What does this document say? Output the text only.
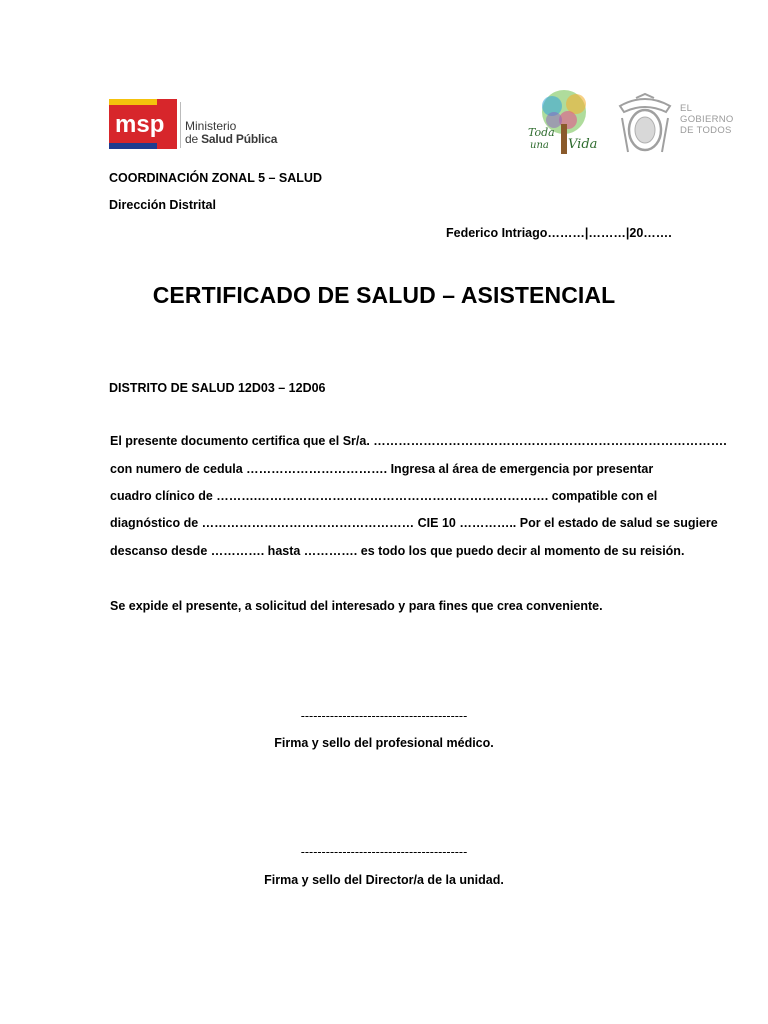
msp Ministerio
de Salud Pública	Toda
una Vida
EL
GOBIERNO
DE TODOS
COORDINACIÓN ZONAL 5 – SALUD
Dirección Distrital
Federico Intriago………|………|20…….
CERTIFICADO DE SALUD – ASISTENCIAL
DISTRITO DE SALUD 12D03 – 12D06
El presente documento certifica que el Sr/a. ………………………………………………………………………….
con numero de cedula ……………………………. Ingresa al área de emergencia por presentar
cuadro clínico de ……….……………………………………………………………. compatible con el
diagnóstico de …………………………………………… CIE 10 ………….. Por el estado de salud se sugiere
descanso desde …………. hasta …………. es todo los que puedo decir al momento de su reisión.
Se expide el presente, a solicitud del interesado y para fines que crea conveniente.
----------------------------------------
Firma y sello del profesional médico.
----------------------------------------
Firma y sello del Director/a de la unidad.
